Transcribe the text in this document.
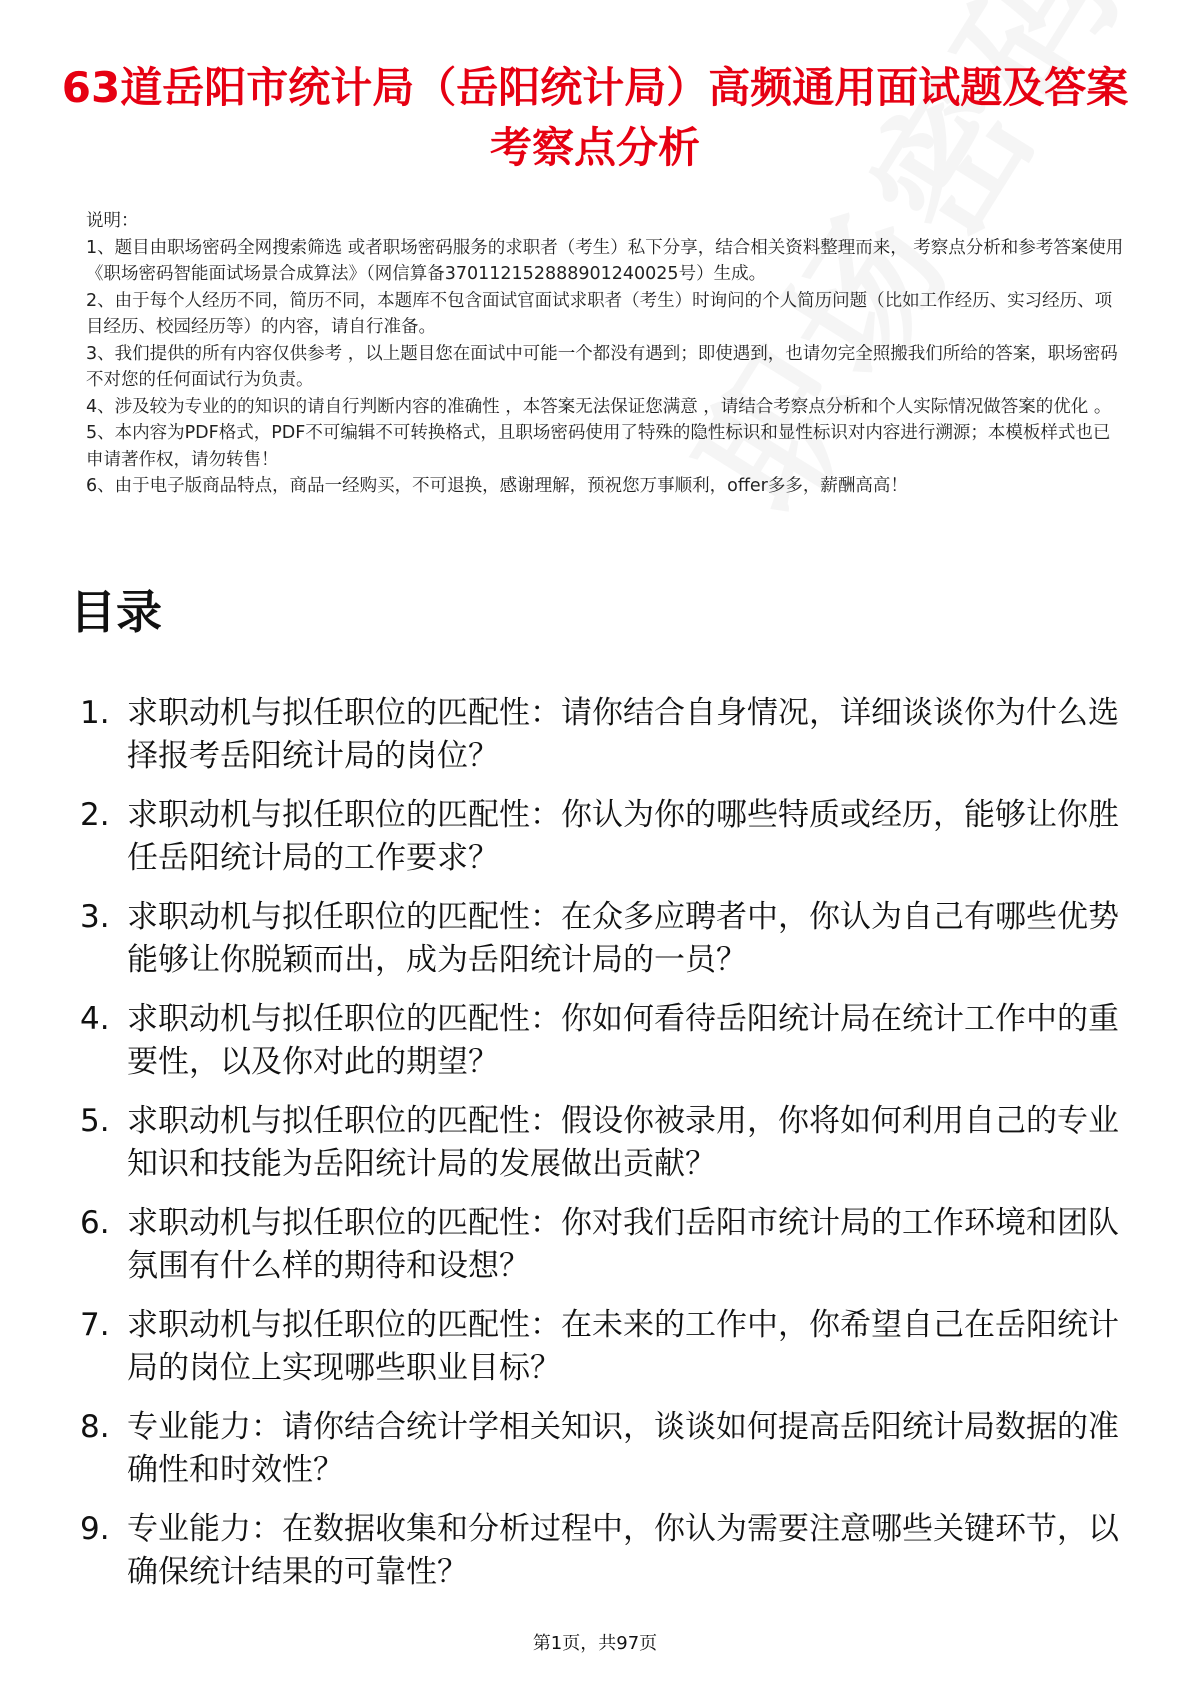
63道岳阳市统计局（岳阳统计局）高频通用面试题及答案考察点分析

说明：

1、题目由职场密码全网搜索筛选 或者职场密码服务的求职者（考生）私下分享，结合相关资料整理而来， 考察点分析和参考答案使用《职场密码智能面试场景合成算法》（网信算备370112152888901240025号）生成。

2、由于每个人经历不同，简历不同，本题库不包含面试官面试求职者（考生）时询问的个人简历问题（比如工作经历、实习经历、项目经历、校园经历等）的内容，请自行准备。

3、我们提供的所有内容仅供参考 ，以上题目您在面试中可能一个都没有遇到；即使遇到，也请勿完全照搬我们所给的答案，职场密码不对您的任何面试行为负责。

4、涉及较为专业的的知识的请自行判断内容的准确性 ，本答案无法保证您满意 ，请结合考察点分析和个人实际情况做答案的优化 。

5、本内容为PDF格式，PDF不可编辑不可转换格式，且职场密码使用了特殊的隐性标识和显性标识对内容进行溯源；本模板样式也已申请著作权，请勿转售！

6、由于电子版商品特点，商品一经购买，不可退换，感谢理解，预祝您万事顺利，offer多多，薪酬高高！

目录
1. 求职动机与拟任职位的匹配性：请你结合自身情况，详细谈谈你为什么选择报考岳阳统计局的岗位？
2. 求职动机与拟任职位的匹配性：你认为你的哪些特质或经历，能够让你胜任岳阳统计局的工作要求？
3. 求职动机与拟任职位的匹配性：在众多应聘者中，你认为自己有哪些优势能够让你脱颖而出，成为岳阳统计局的一员？
4. 求职动机与拟任职位的匹配性：你如何看待岳阳统计局在统计工作中的重要性，以及你对此的期望？
5. 求职动机与拟任职位的匹配性：假设你被录用，你将如何利用自己的专业知识和技能为岳阳统计局的发展做出贡献？
6. 求职动机与拟任职位的匹配性：你对我们岳阳市统计局的工作环境和团队氛围有什么样的期待和设想？
7. 求职动机与拟任职位的匹配性：在未来的工作中，你希望自己在岳阳统计局的岗位上实现哪些职业目标？
8. 专业能力：请你结合统计学相关知识，谈谈如何提高岳阳统计局数据的准确性和时效性？
9. 专业能力：在数据收集和分析过程中，你认为需要注意哪些关键环节，以确保统计结果的可靠性？
第1页，共97页
